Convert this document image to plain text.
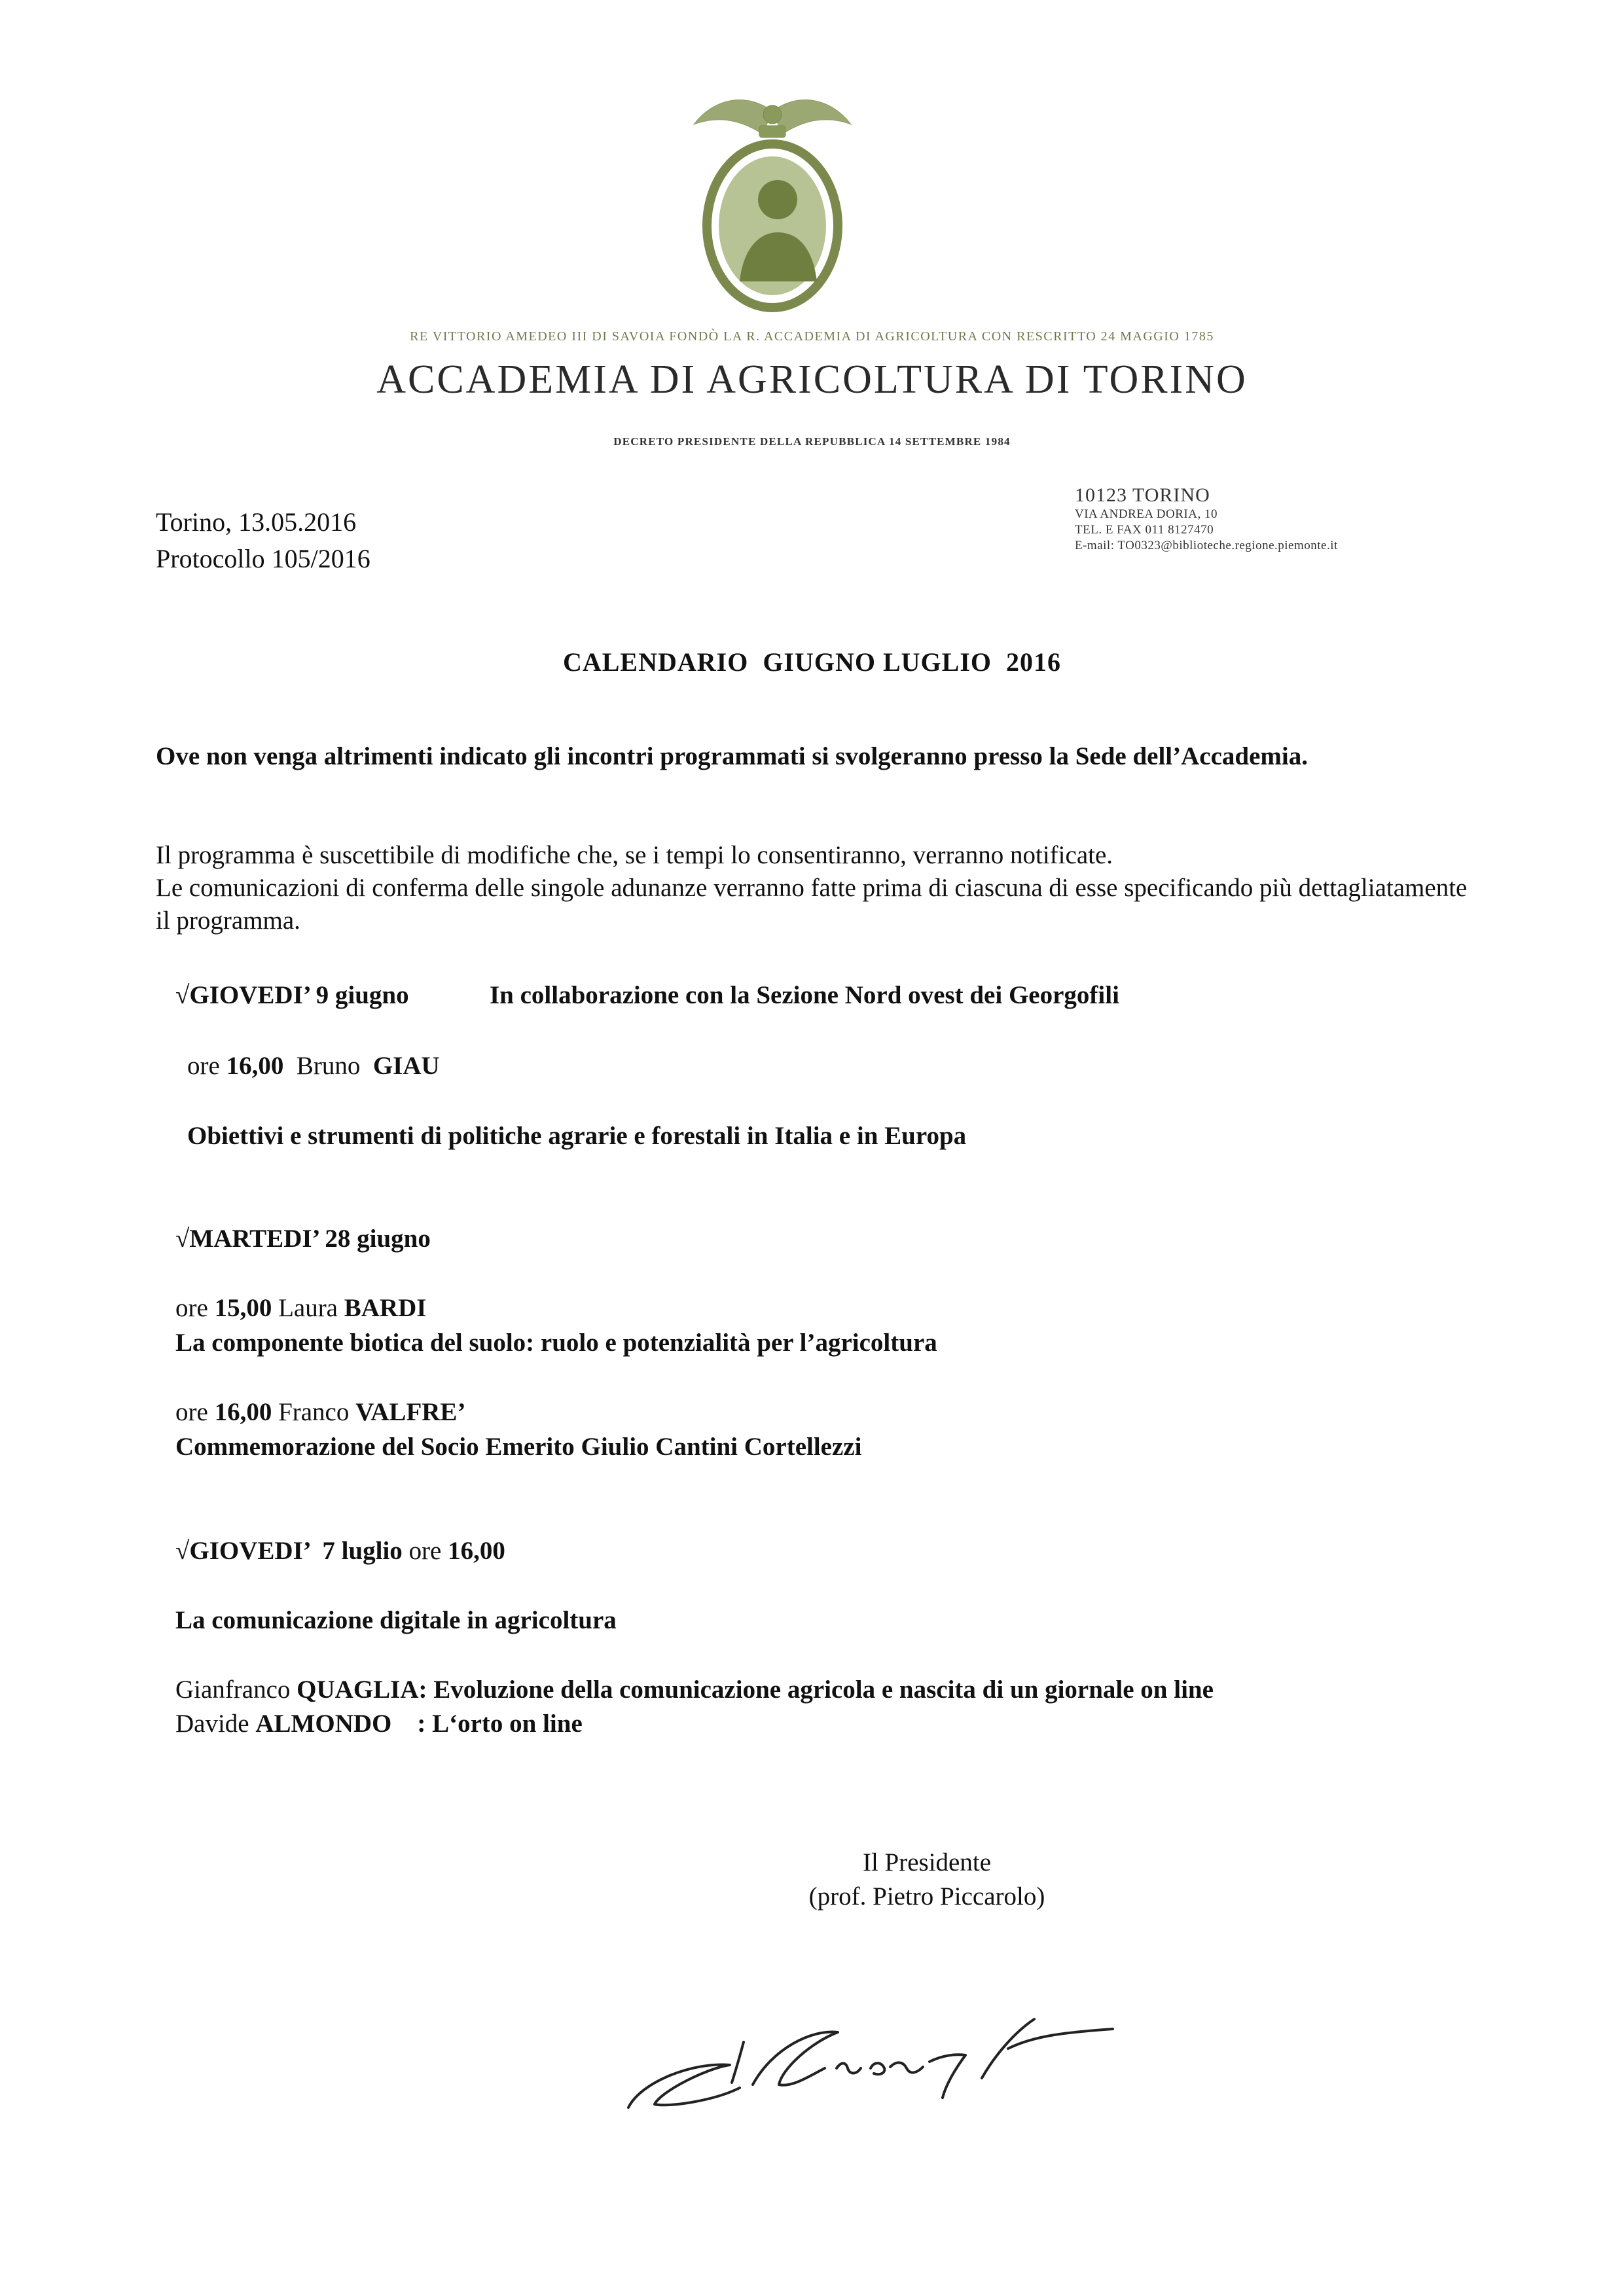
RE VITTORIO AMEDEO III DI SAVOIA FONDÒ LA R. ACCADEMIA DI AGRICOLTURA CON RESCRITTO 24 MAGGIO 1785
ACCADEMIA DI AGRICOLTURA DI TORINO
DECRETO PRESIDENTE DELLA REPUBBLICA 14 SETTEMBRE 1984
10123 TORINO
VIA ANDREA DORIA, 10
TEL. E FAX 011 8127470
E-mail: TO0323@biblioteche.regione.piemonte.it
Torino, 13.05.2016
Protocollo 105/2016
CALENDARIO  GIUGNO LUGLIO  2016
Ove non venga altrimenti indicato gli incontri programmati si svolgeranno presso la Sede dell’Accademia.
Il programma è suscettibile di modifiche che, se i tempi lo consentiranno, verranno notificate.
Le comunicazioni di conferma delle singole adunanze verranno fatte prima di ciascuna di esse specificando più dettagliatamente il programma.
√GIOVEDI’ 9 giugno	In collaborazione con la Sezione Nord ovest dei Georgofili
ore 16,00  Bruno  GIAU
Obiettivi e strumenti di politiche agrarie e forestali in Italia e in Europa
√MARTEDI’ 28 giugno
ore 15,00 Laura BARDI
La componente biotica del suolo: ruolo e potenzialità per l’agricoltura
ore 16,00 Franco VALFRE’
Commemorazione del Socio Emerito Giulio Cantini Cortellezzi
√GIOVEDI’  7 luglio ore 16,00
La comunicazione digitale in agricoltura
Gianfranco QUAGLIA: Evoluzione della comunicazione agricola e nascita di un giornale on line
Davide ALMONDO    : L‘orto on line
Il Presidente
(prof. Pietro Piccarolo)
